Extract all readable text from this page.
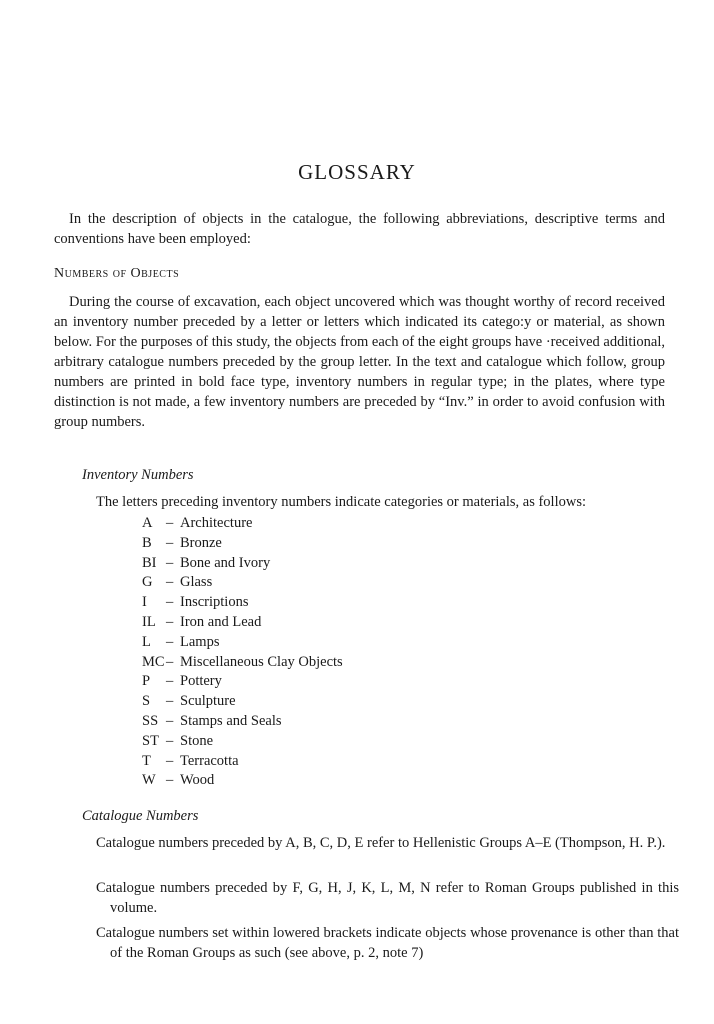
GLOSSARY

In the description of objects in the catalogue, the following abbreviations, descriptive terms and conventions have been employed:

Numbers of Objects

During the course of excavation, each object uncovered which was thought worthy of record received an inventory number preceded by a letter or letters which indicated its catego:y or material, as shown below. For the purposes of this study, the objects from each of the eight groups have ·received additional, arbitrary catalogue numbers preceded by the group letter. In the text and catalogue which follow, group numbers are printed in bold face type, inventory numbers in regular type; in the plates, where type distinction is not made, a few inventory numbers are preceded by “Inv.” in order to avoid confusion with group numbers.

Inventory Numbers

The letters preceding inventory numbers indicate categories or materials, as follows:

A – Architecture
B – Bronze
BI – Bone and Ivory
G – Glass
I	– Inscriptions
IL – Iron and Lead
L	– Lamps
MC – Miscellaneous Clay Objects
P	– Pottery
S	– Sculpture
SS – Stamps and Seals
ST – Stone
T	– Terracotta
W – Wood
Catalogue Numbers

Catalogue numbers preceded by A, B, C, D, E refer to Hellenistic Groups A–E (Thompson, H. P.).

Catalogue numbers preceded by F, G, H, J, K, L, M, N refer to Roman Groups published in this volume.

Catalogue numbers set within lowered brackets indicate objects whose provenance is other than that of the Roman Groups as such (see above, p. 2, note 7)
